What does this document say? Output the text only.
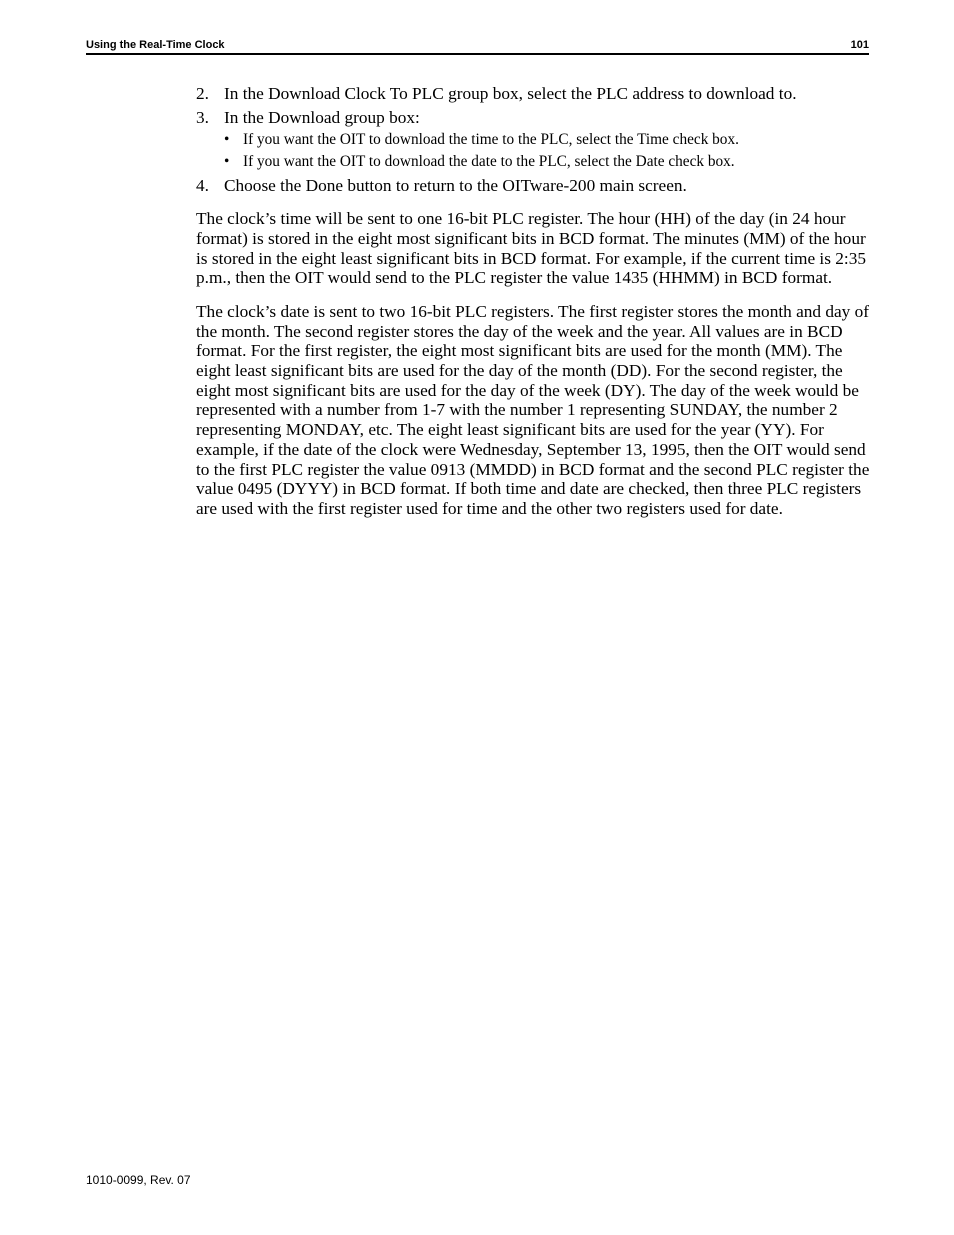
Using the Real-Time Clock	101

2. In the Download Clock To PLC group box, select the PLC address to download to.

3. In the Download group box:

• If you want the OIT to download the time to the PLC, select the Time check box.
• If you want the OIT to download the date to the PLC, select the Date check box.

4. Choose the Done button to return to the OITware-200 main screen.

The clock’s time will be sent to one 16-bit PLC register. The hour (HH) of the day (in 24 hour format) is stored in the eight most significant bits in BCD format. The minutes (MM) of the hour is stored in the eight least significant bits in BCD format. For example, if the current time is 2:35 p.m., then the OIT would send to the PLC register the value 1435 (HHMM) in BCD format.

The clock’s date is sent to two 16-bit PLC registers. The first register stores the month and day of the month. The second register stores the day of the week and the year. All values are in BCD format. For the first register, the eight most significant bits are used for the month (MM). The eight least significant bits are used for the day of the month (DD). For the second register, the eight most significant bits are used for the day of the week (DY). The day of the week would be represented with a number from 1-7 with the number 1 representing SUNDAY, the number 2 representing MONDAY, etc. The eight least significant bits are used for the year (YY). For example, if the date of the clock were Wednesday, September 13, 1995, then the OIT would send to the first PLC register the value 0913 (MMDD) in BCD format and the second PLC register the value 0495 (DYYY) in BCD format. If both time and date are checked, then three PLC registers are used with the first register used for time and the other two registers used for date.

1010-0099, Rev. 07
